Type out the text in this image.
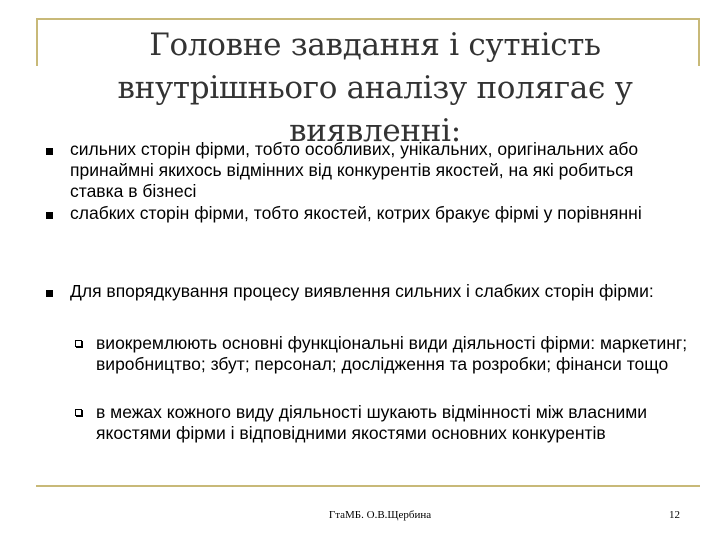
Головне завдання і сутність внутрішнього аналізу полягає у виявленні:
сильних сторін фірми, тобто особливих, унікальних, оригінальних або принаймні якихось відмінних від конкурентів якостей, на які робиться ставка в бізнесі
слабких сторін фірми, тобто якостей, котрих бракує фірмі у порівнянні
Для впорядкування процесу виявлення сильних і слабких сторін фірми:
виокремлюють основні функціональні види діяльності фірми: маркетинг; виробництво; збут; персонал; дослідження та розробки; фінанси тощо
в межах кожного виду діяльності шукають відмінності між власними якостями фірми і відповідними якостями основних конкурентів
ГтаМБ. О.В.Щербина	12
